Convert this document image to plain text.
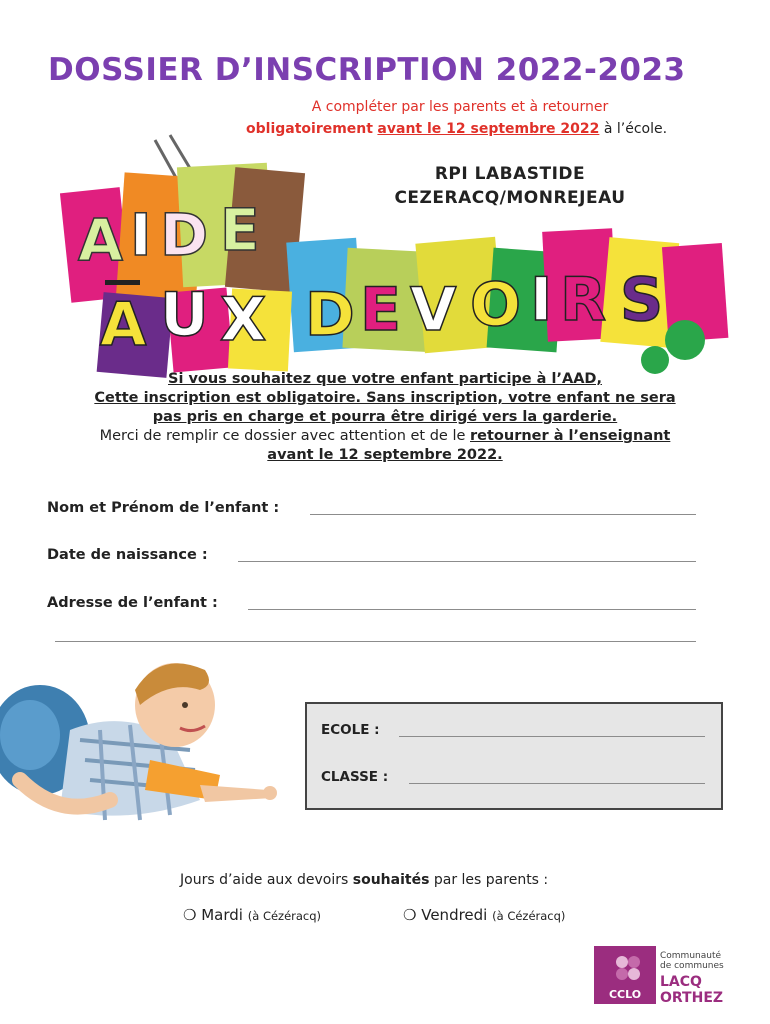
DOSSIER D’INSCRIPTION 2022-2023
A compléter par les parents et à retourner
obligatoirement avant le 12 septembre 2022 à l’école.
RPI LABASTIDE
CEZERACQ/MONREJEAU
A I D E
A U X D E V O I R S
Si vous souhaitez que votre enfant participe à l’AAD,
Cette inscription est obligatoire. Sans inscription, votre enfant ne sera
pas pris en charge et pourra être dirigé vers la garderie.
Merci de remplir ce dossier avec attention et de le retourner à l’enseignant
avant le 12 septembre 2022.
Nom et Prénom de l’enfant :
Date de naissance :
Adresse de l’enfant :
ECOLE :
CLASSE :
Jours d’aide aux devoirs souhaités par les parents :
❍ Mardi (à Cézéracq)	❍ Vendredi (à Cézéracq)
CCLO
Communauté
de communes
LACQ
ORTHEZ
